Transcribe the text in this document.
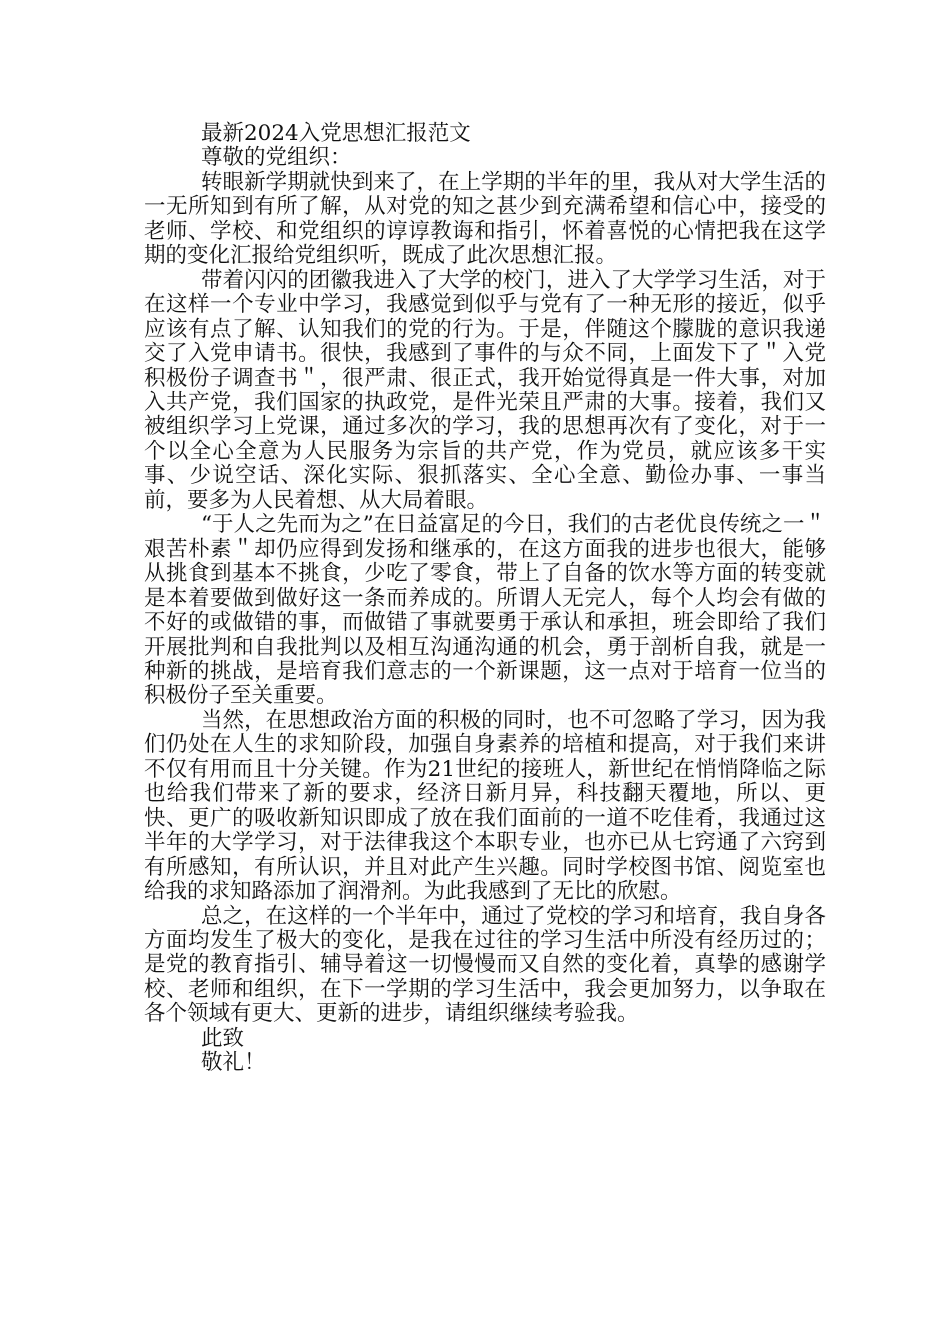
最新2024入党思想汇报范文
尊敬的党组织：

转眼新学期就快到来了，在上学期的半年的里，我从对大学生活的一无所知到有所了解，从对党的知之甚少到充满希望和信心中，接受的老师、学校、和党组织的谆谆教诲和指引，怀着喜悦的心情把我在这学期的变化汇报给党组织听，既成了此次思想汇报。

带着闪闪的团徽我进入了大学的校门，进入了大学学习生活，对于在这样一个专业中学习，我感觉到似乎与党有了一种无形的接近，似乎应该有点了解、认知我们的党的行为。于是，伴随这个朦胧的意识我递交了入党申请书。很快，我感到了事件的与众不同，上面发下了＂入党积极份子调查书＂，很严肃、很正式，我开始觉得真是一件大事，对加入共产党，我们国家的执政党，是件光荣且严肃的大事。接着，我们又被组织学习上党课，通过多次的学习，我的思想再次有了变化，对于一个以全心全意为人民服务为宗旨的共产党，作为党员，就应该多干实事、少说空话、深化实际、狠抓落实、全心全意、勤俭办事、一事当前，要多为人民着想、从大局着眼。

“于人之先而为之”在日益富足的今日，我们的古老优良传统之一＂艰苦朴素＂却仍应得到发扬和继承的，在这方面我的进步也很大，能够从挑食到基本不挑食，少吃了零食，带上了自备的饮水等方面的转变就是本着要做到做好这一条而养成的。所谓人无完人，每个人均会有做的不好的或做错的事，而做错了事就要勇于承认和承担，班会即给了我们开展批判和自我批判以及相互沟通沟通的机会，勇于剖析自我，就是一种新的挑战，是培育我们意志的一个新课题，这一点对于培育一位当的积极份子至关重要。

当然，在思想政治方面的积极的同时，也不可忽略了学习，因为我们仍处在人生的求知阶段，加强自身素养的培植和提高，对于我们来讲不仅有用而且十分关键。作为21世纪的接班人，新世纪在悄悄降临之际也给我们带来了新的要求，经济日新月异，科技翻天覆地，所以、更快、更广的吸收新知识即成了放在我们面前的一道不吃佳肴，我通过这半年的大学学习，对于法律我这个本职专业，也亦已从七窍通了六窍到有所感知，有所认识，并且对此产生兴趣。同时学校图书馆、阅览室也给我的求知路添加了润滑剂。为此我感到了无比的欣慰。

总之，在这样的一个半年中，通过了党校的学习和培育，我自身各方面均发生了极大的变化，是我在过往的学习生活中所没有经历过的；是党的教育指引、辅导着这一切慢慢而又自然的变化着，真挚的感谢学校、老师和组织，在下一学期的学习生活中，我会更加努力，以争取在各个领域有更大、更新的进步，请组织继续考验我。

此致
敬礼！
